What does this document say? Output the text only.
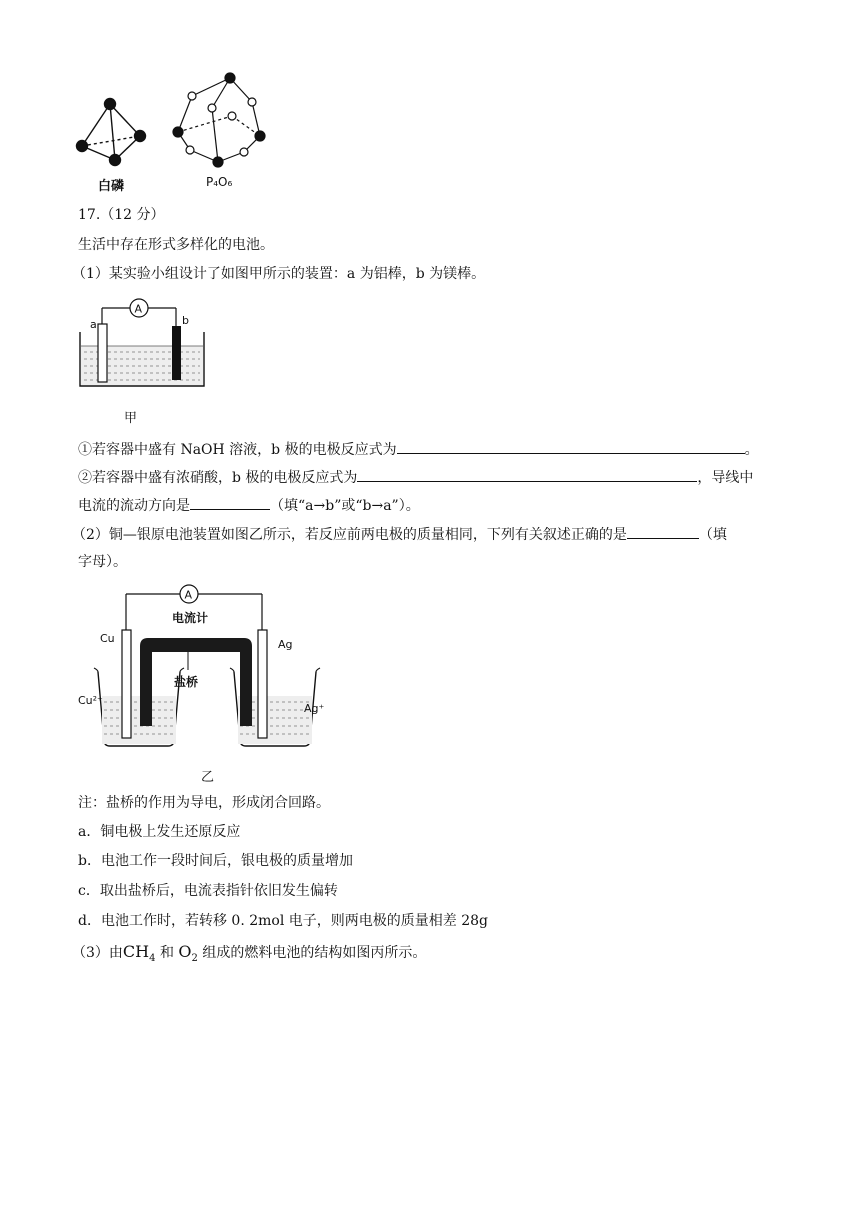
白磷	P₄O₆
17.（12 分）
生活中存在形式多样化的电池。
（1）某实验小组设计了如图甲所示的装置：a 为铝棒，b 为镁棒。
A
a	b
甲
①若容器中盛有 NaOH 溶液，b 极的电极反应式为	。
②若容器中盛有浓硝酸，b 极的电极反应式为	，导线中
电流的流动方向是	（填“a→b”或“b→a”）。
（2）铜—银原电池装置如图乙所示，若反应前两电极的质量相同，下列有关叙述正确的是	（填
字母）。
A
电流计
Cu	Ag
盐桥
Cu²⁺
Ag⁺
乙
注：盐桥的作用为导电，形成闭合回路。
a．铜电极上发生还原反应
b．电池工作一段时间后，银电极的质量增加
c．取出盐桥后，电流表指针依旧发生偏转
d．电池工作时，若转移 0. 2mol 电子，则两电极的质量相差 28g
（3）由$CH_4$ 和 $O_2$ 组成的燃料电池的结构如图丙所示。
